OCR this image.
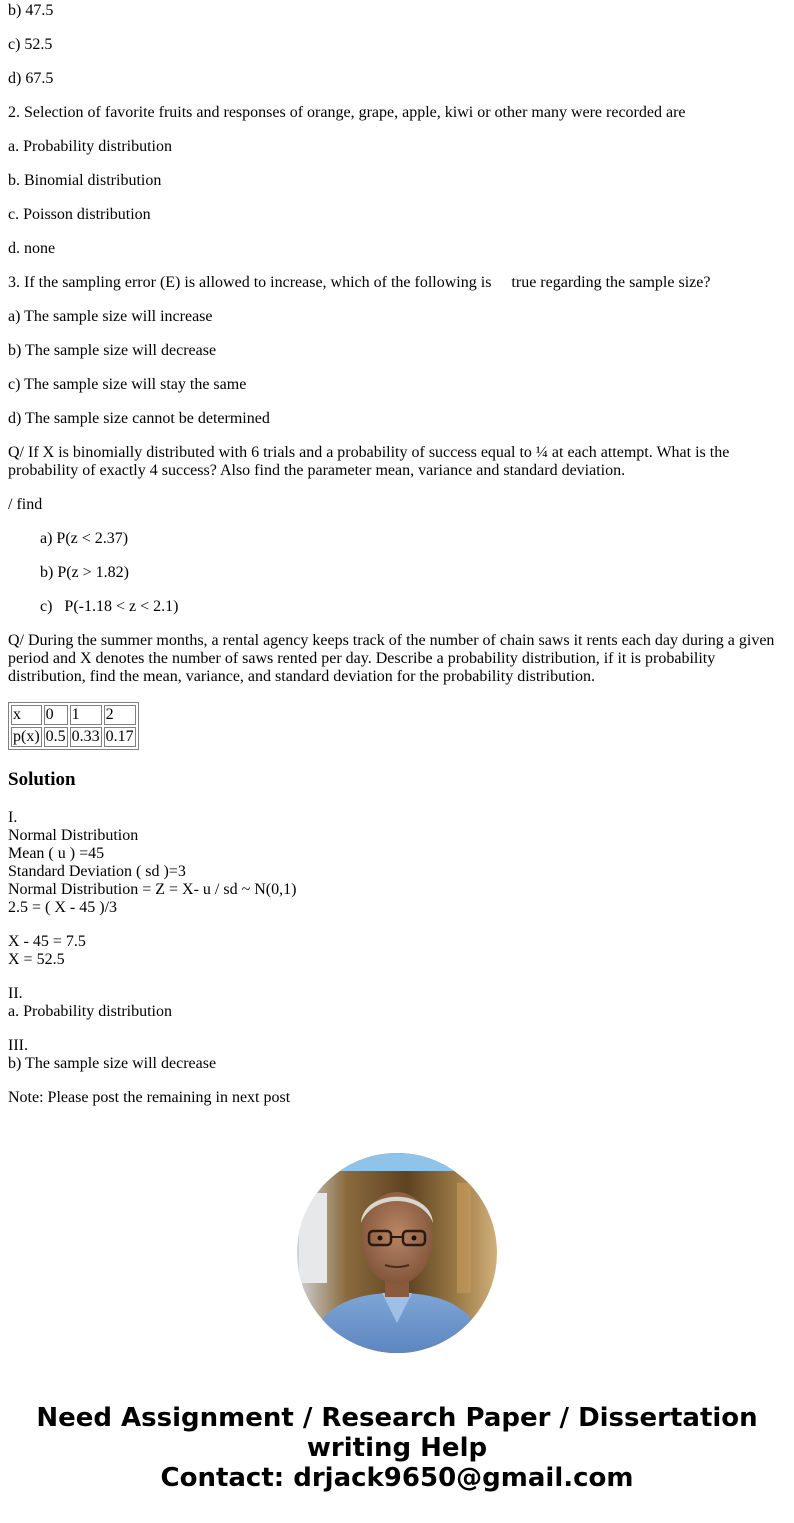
b) 47.5

c) 52.5

d) 67.5

2. Selection of favorite fruits and responses of orange, grape, apple, kiwi or other many were recorded are

a. Probability distribution

b. Binomial distribution

c. Poisson distribution

d. none

3. If the sampling error (E) is allowed to increase, which of the following is     true regarding the sample size?

a) The sample size will increase

b) The sample size will decrease

c) The sample size will stay the same

d) The sample size cannot be determined

Q/ If X is binomially distributed with 6 trials and a probability of success equal to ¼ at each attempt. What is the probability of exactly 4 success? Also find the parameter mean, variance and standard deviation.

/ find

a) P(z < 2.37)

b) P(z > 1.82)

c)   P(-1.18 < z < 2.1)

Q/ During the summer months, a rental agency keeps track of the number of chain saws it rents each day during a given period and X denotes the number of saws rented per day. Describe a probability distribution, if it is probability distribution, find the mean, variance, and standard deviation for the probability distribution.

x	0	1	2
p(x)	0.5	0.33	0.17
Solution
I.
Normal Distribution
Mean ( u ) =45
Standard Deviation ( sd )=3
Normal Distribution = Z = X- u / sd ~ N(0,1)
2.5 = ( X - 45 )/3
X - 45 = 7.5
X = 52.5
II.
a. Probability distribution
III.
b) The sample size will decrease

Note: Please post the remaining in next post

Need Assignment / Research Paper / Dissertation
writing Help
Contact: drjack9650@gmail.com
